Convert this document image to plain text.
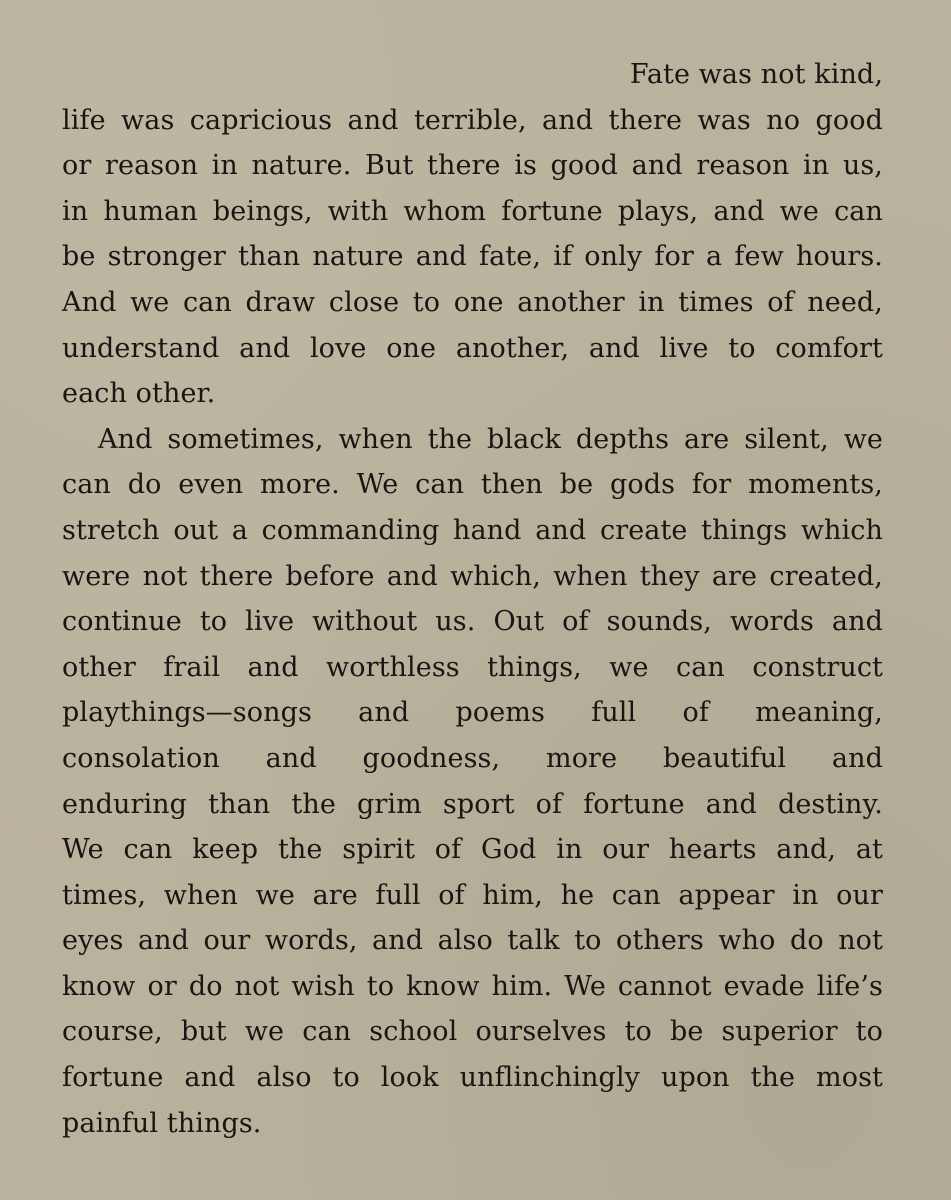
Fate was not kind,
life was capricious and terrible, and there was no good
or reason in nature. But there is good and reason in us,
in human beings, with whom fortune plays, and we can
be stronger than nature and fate, if only for a few hours.
And we can draw close to one another in times of need,
understand and love one another, and live to comfort
each other.
And sometimes, when the black depths are silent, we
can do even more. We can then be gods for moments,
stretch out a commanding hand and create things which
were not there before and which, when they are created,
continue to live without us. Out of sounds, words and
other frail and worthless things, we can construct
playthings—songs and poems full of meaning,
consolation and goodness, more beautiful and
enduring than the grim sport of fortune and destiny.
We can keep the spirit of God in our hearts and, at
times, when we are full of him, he can appear in our
eyes and our words, and also talk to others who do not
know or do not wish to know him. We cannot evade life’s
course, but we can school ourselves to be superior to
fortune and also to look unflinchingly upon the most
painful things.
